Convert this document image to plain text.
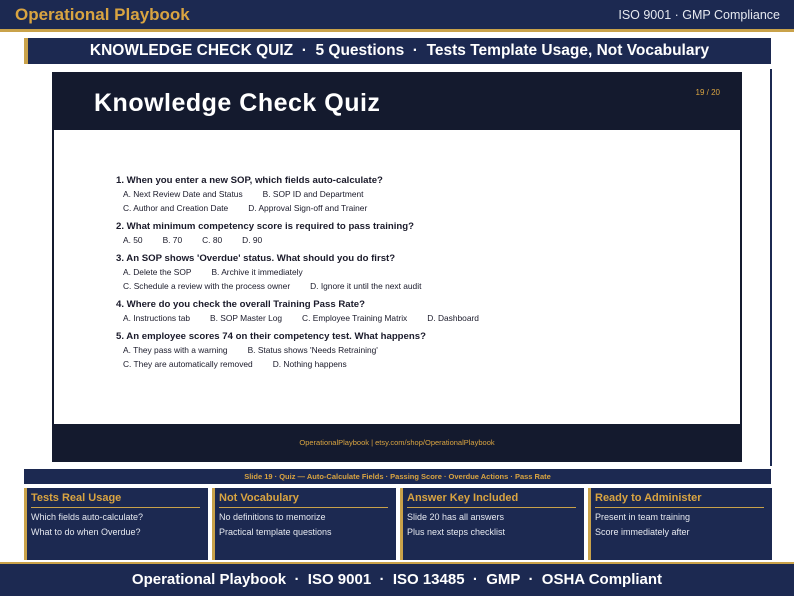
Operational Playbook	ISO 9001 · GMP Compliance
KNOWLEDGE CHECK QUIZ  ·  5 Questions  ·  Tests Template Usage, Not Vocabulary
Knowledge Check Quiz	19 / 20
1. When you enter a new SOP, which fields auto-calculate?
A. Next Review Date and Status B. SOP ID and Department
C. Author and Creation Date D. Approval Sign-off and Trainer
2. What minimum competency score is required to pass training?
A. 50 B. 70 C. 80 D. 90
3. An SOP shows 'Overdue' status. What should you do first?
A. Delete the SOP B. Archive it immediately
C. Schedule a review with the process owner D. Ignore it until the next audit
4. Where do you check the overall Training Pass Rate?
A. Instructions tab B. SOP Master Log C. Employee Training Matrix D. Dashboard
5. An employee scores 74 on their competency test. What happens?
A. They pass with a warning B. Status shows 'Needs Retraining'
C. They are automatically removed D. Nothing happens
OperationalPlaybook | etsy.com/shop/OperationalPlaybook
Slide 19 · Quiz — Auto-Calculate Fields · Passing Score · Overdue Actions · Pass Rate
Tests Real Usage
Which fields auto-calculate?
What to do when Overdue?
Not Vocabulary
No definitions to memorize
Practical template questions
Answer Key Included
Slide 20 has all answers
Plus next steps checklist
Ready to Administer
Present in team training
Score immediately after
Operational Playbook  ·  ISO 9001  ·  ISO 13485  ·  GMP  ·  OSHA Compliant
